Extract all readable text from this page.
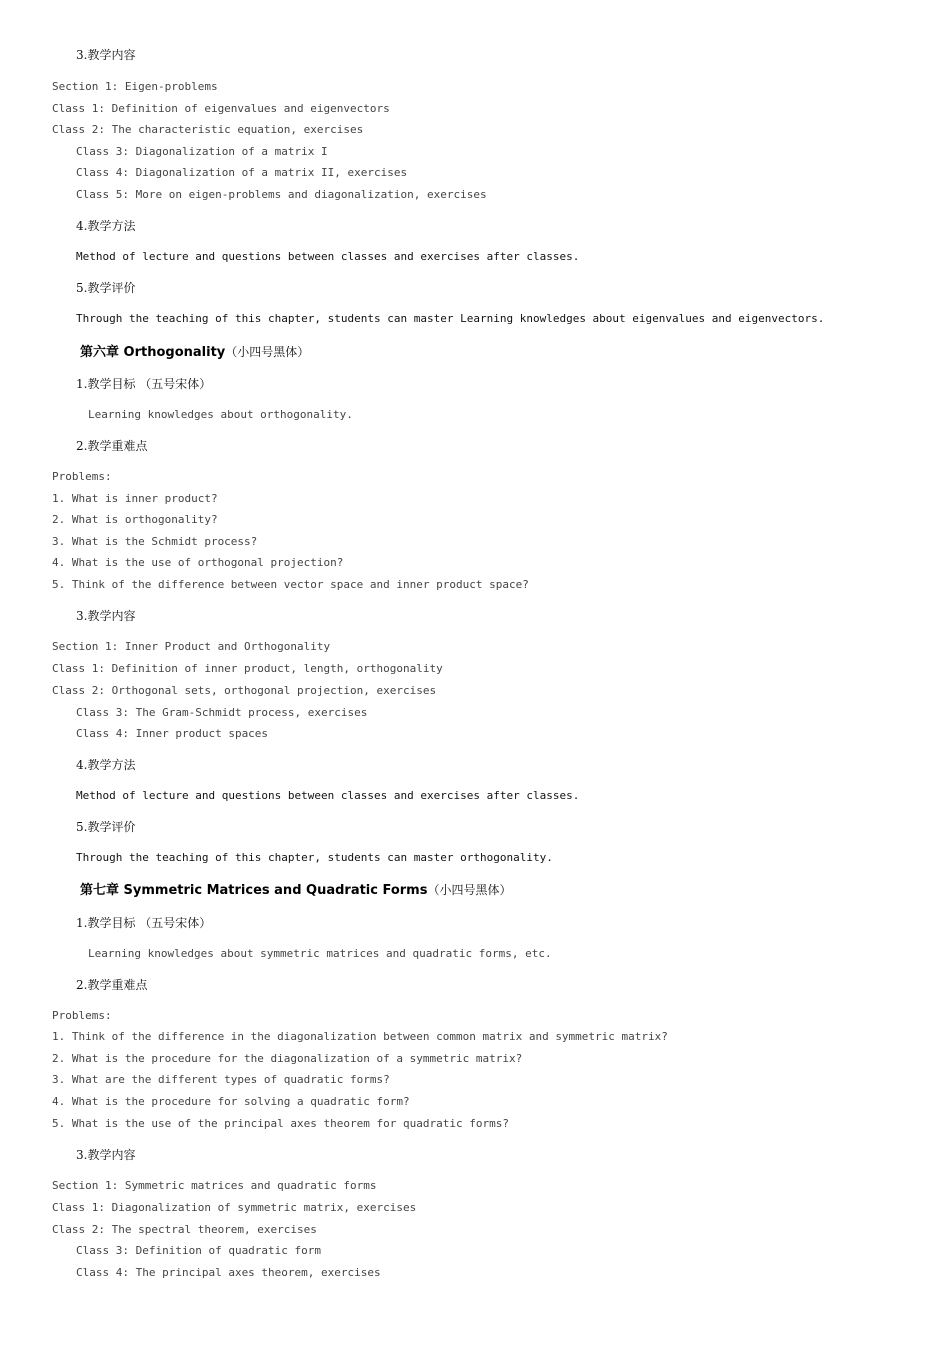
3.教学内容
Section 1: Eigen-problems
Class 1: Definition of eigenvalues and eigenvectors
Class 2: The characteristic equation, exercises
Class 3: Diagonalization of a matrix I
Class 4: Diagonalization of a matrix II, exercises
Class 5: More on eigen-problems and diagonalization, exercises
4.教学方法
Method of lecture and questions between classes and exercises after classes.
5.教学评价
Through the teaching of this chapter, students can master Learning knowledges about eigenvalues and eigenvectors.
第六章 Orthogonality（小四号黑体）
1.教学目标 （五号宋体）
Learning knowledges about orthogonality.
2.教学重难点
Problems:
1. What is inner product?
2. What is orthogonality?
3. What is the Schmidt process?
4. What is the use of orthogonal projection?
5. Think of the difference between vector space and inner product space?
3.教学内容
Section 1: Inner Product and Orthogonality
Class 1: Definition of inner product, length, orthogonality
Class 2: Orthogonal sets, orthogonal projection, exercises
Class 3: The Gram-Schmidt process, exercises
Class 4: Inner product spaces
4.教学方法
Method of lecture and questions between classes and exercises after classes.
5.教学评价
Through the teaching of this chapter, students can master orthogonality.
第七章 Symmetric Matrices and Quadratic Forms（小四号黑体）
1.教学目标 （五号宋体）
Learning knowledges about symmetric matrices and quadratic forms, etc.
2.教学重难点
Problems:
1. Think of the difference in the diagonalization between common matrix and symmetric matrix?
2. What is the procedure for the diagonalization of a symmetric matrix?
3. What are the different types of quadratic forms?
4. What is the procedure for solving a quadratic form?
5. What is the use of the principal axes theorem for quadratic forms?
3.教学内容
Section 1: Symmetric matrices and quadratic forms
Class 1: Diagonalization of symmetric matrix, exercises
Class 2: The spectral theorem, exercises
Class 3: Definition of quadratic form
Class 4: The principal axes theorem, exercises
